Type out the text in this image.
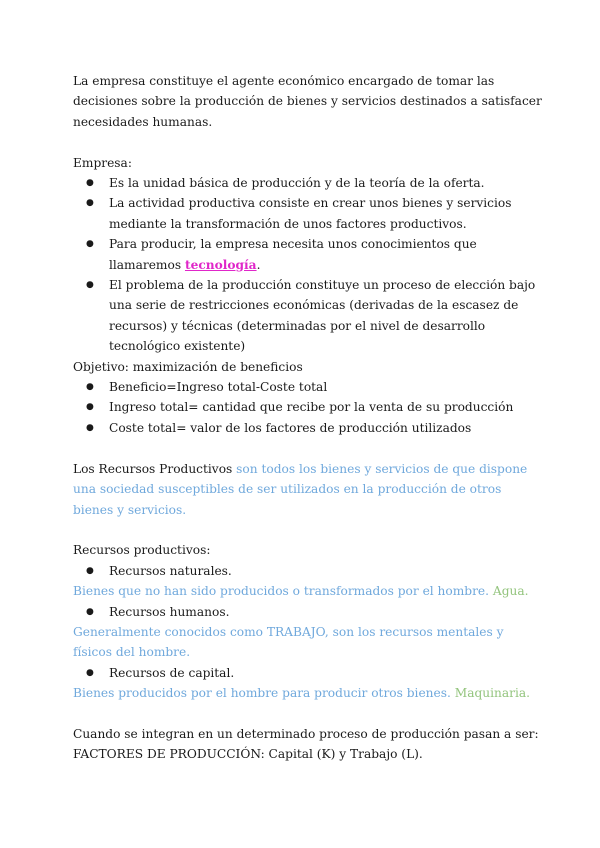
La empresa constituye el agente económico encargado de tomar las decisiones sobre la producción de bienes y servicios destinados a satisfacer necesidades humanas.

Empresa:

● Es la unidad básica de producción y de la teoría de la oferta.
● La actividad productiva consiste en crear unos bienes y servicios mediante la transformación de unos factores productivos.
● Para producir, la empresa necesita unos conocimientos que llamaremos tecnología.
● El problema de la producción constituye un proceso de elección bajo una serie de restricciones económicas (derivadas de la escasez de recursos) y técnicas (determinadas por el nivel de desarrollo tecnológico existente)

Objetivo: maximización de beneficios

● Beneficio=Ingreso total-Coste total
● Ingreso total= cantidad que recibe por la venta de su producción
● Coste total= valor de los factores de producción utilizados

Los Recursos Productivos son todos los bienes y servicios de que dispone una sociedad susceptibles de ser utilizados en la producción de otros bienes y servicios.

Recursos productivos:

● Recursos naturales.

Bienes que no han sido producidos o transformados por el hombre. Agua.

● Recursos humanos.

Generalmente conocidos como TRABAJO, son los recursos mentales y físicos del hombre.

● Recursos de capital.

Bienes producidos por el hombre para producir otros bienes. Maquinaria.

Cuando se integran en un determinado proceso de producción pasan a ser:

FACTORES DE PRODUCCIÓN: Capital (K) y Trabajo (L).
